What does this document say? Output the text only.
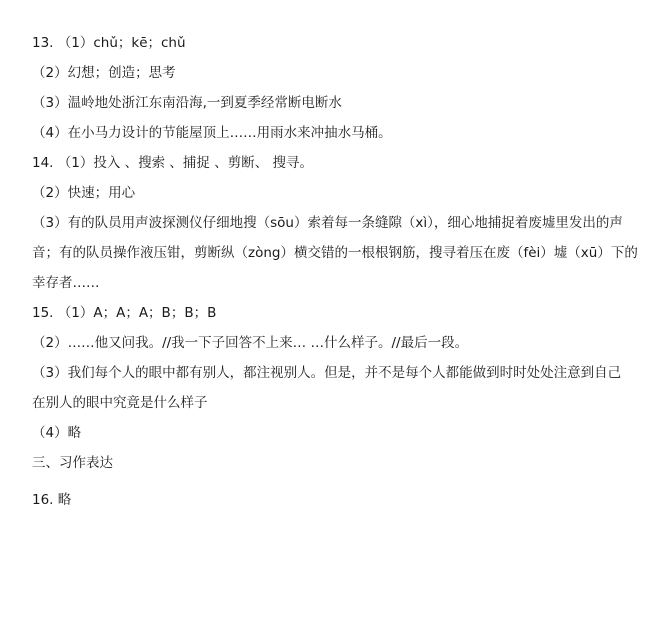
13. （1）chǔ；kē；chǔ
（2）幻想；创造；思考
（3）温岭地处浙江东南沿海,一到夏季经常断电断水
（4）在小马力设计的节能屋顶上……用雨水来冲抽水马桶。
14. （1）投入 、搜索 、捕捉 、剪断、 搜寻。
（2）快速；用心
（3）有的队员用声波探测仪仔细地搜（sōu）索着每一条缝隙（xì），细心地捕捉着废墟里发出的声
音；有的队员操作液压钳，剪断纵（zòng）横交错的一根根钢筋，搜寻着压在废（fèi）墟（xū）下的
幸存者……
15. （1）A；A；A；B；B；B
（2）……他又问我。//我一下子回答不上来… …什么样子。//最后一段。
（3）我们每个人的眼中都有别人，都注视别人。但是，并不是每个人都能做到时时处处注意到自己
在别人的眼中究竟是什么样子
（4）略
三、习作表达
16. 略
